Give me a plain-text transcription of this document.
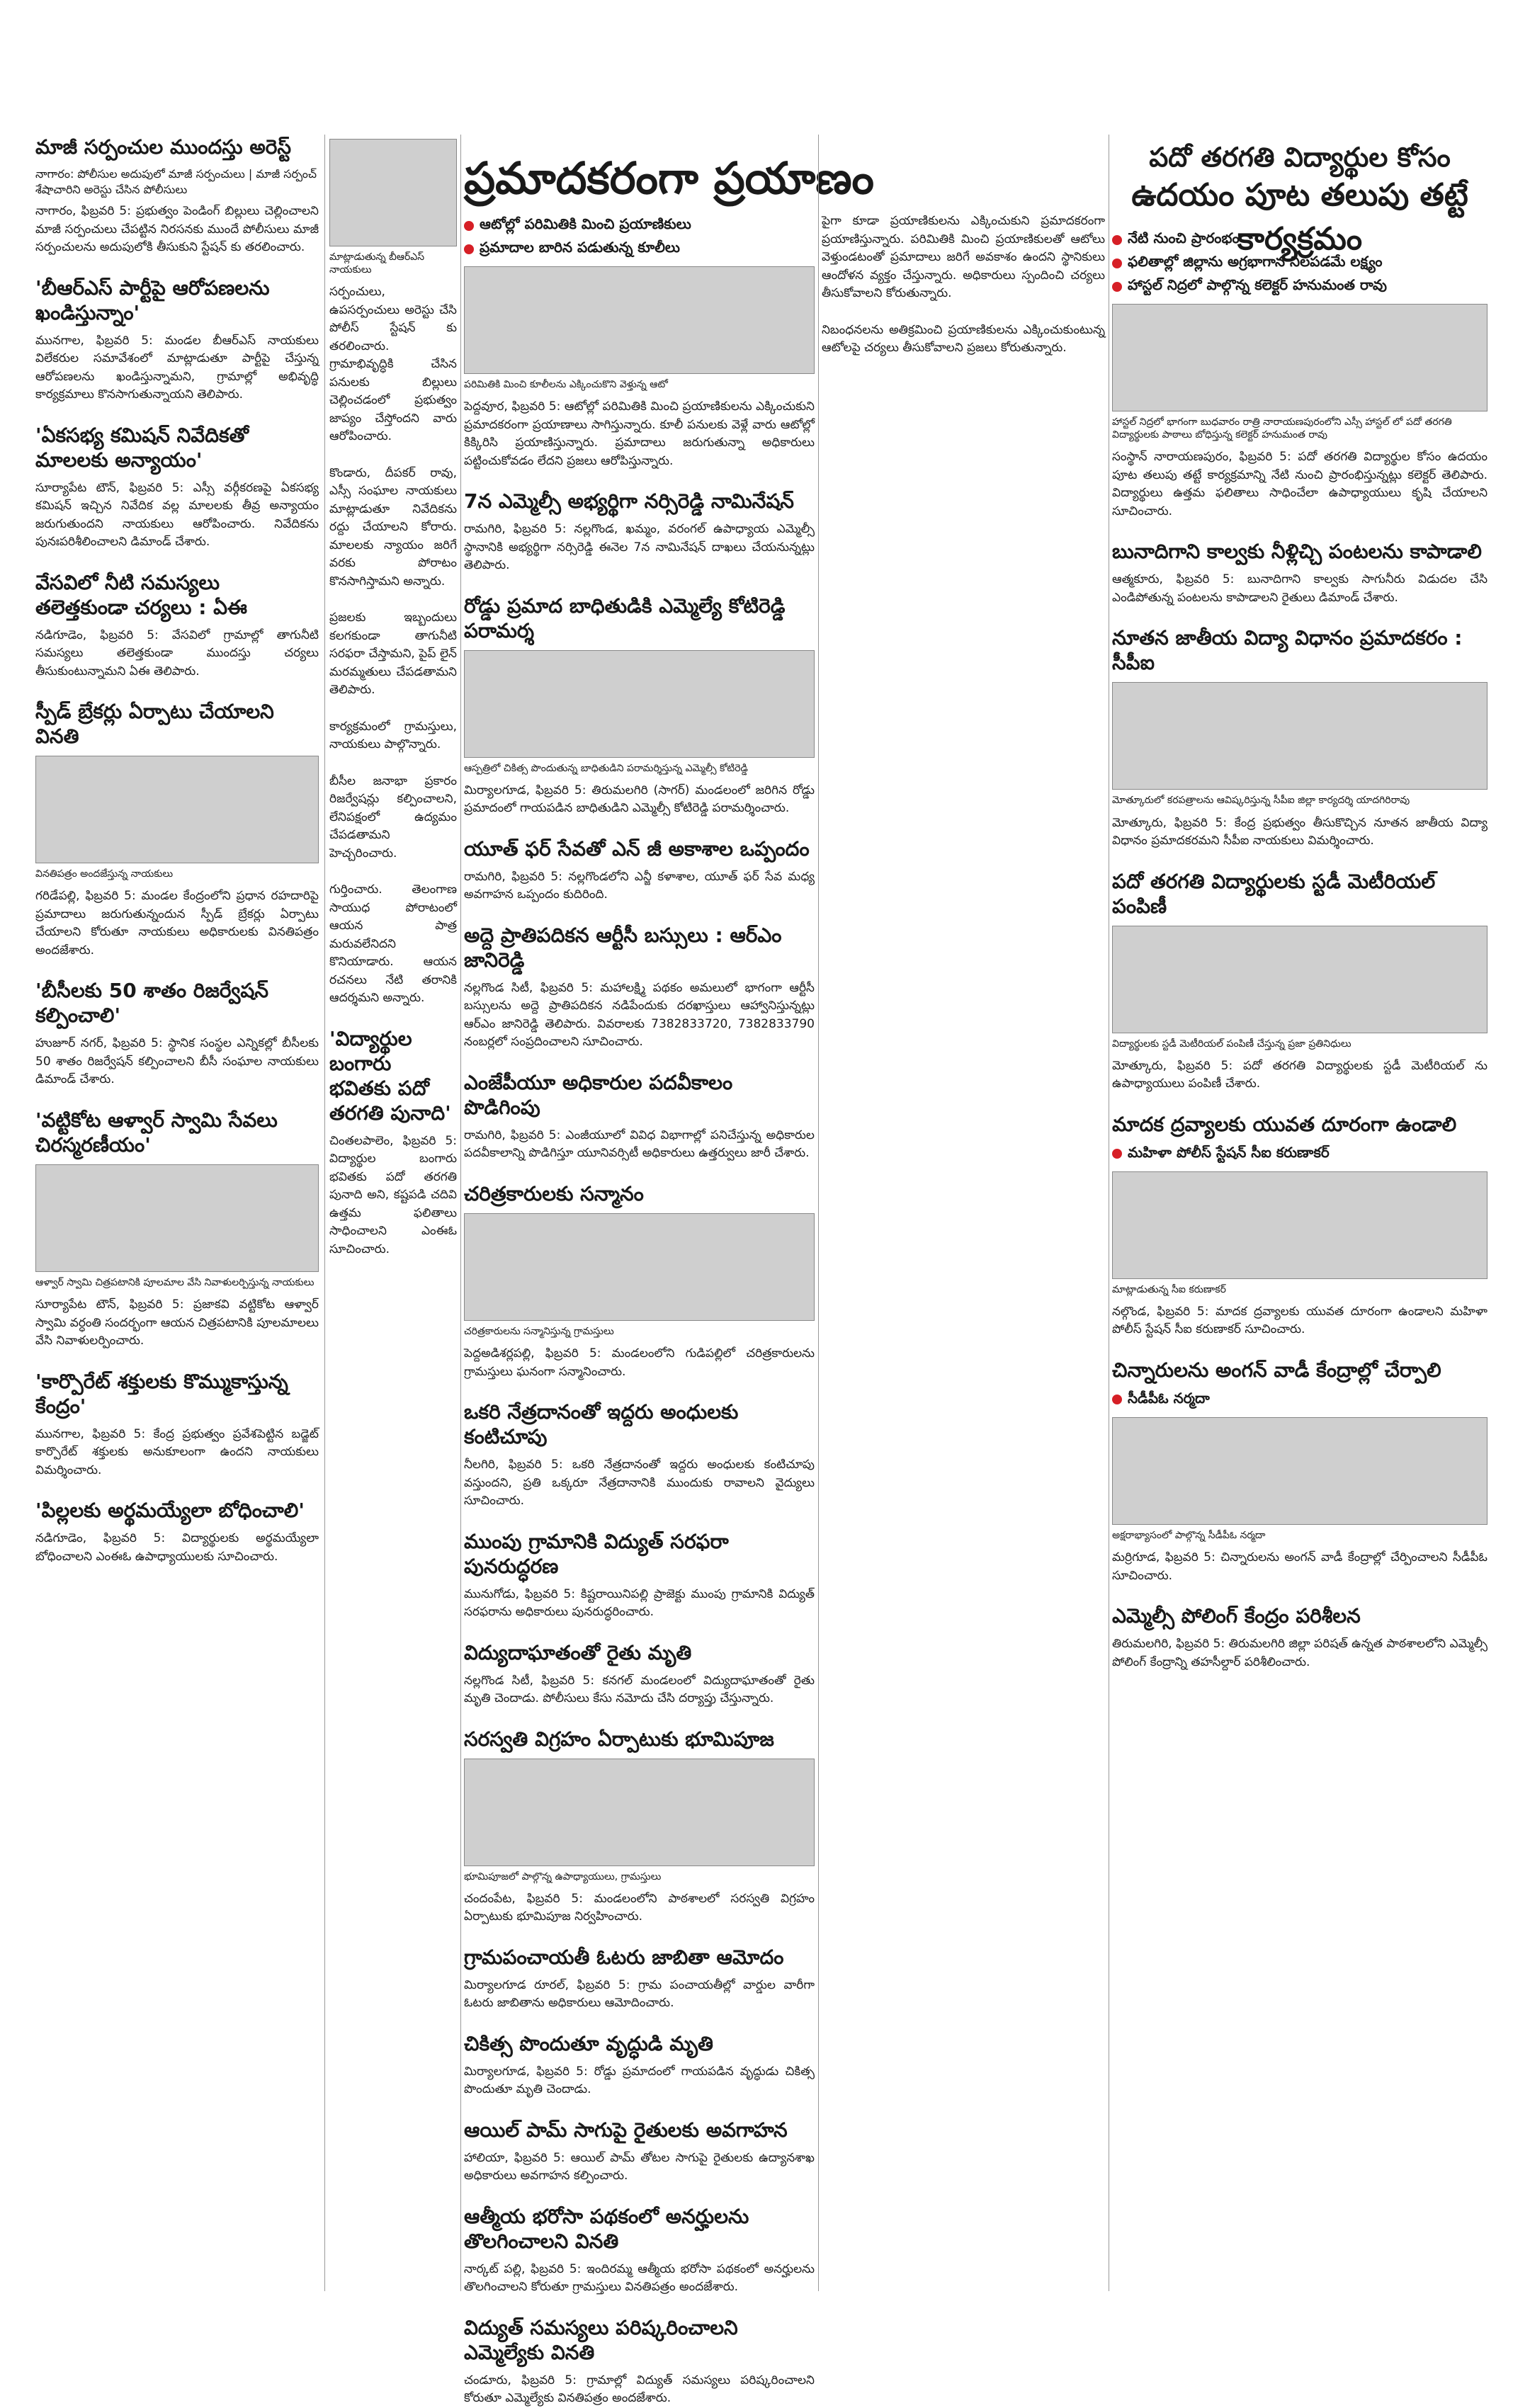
ప్రమాదకరంగా ప్రయాణం	పదో తరగతి విద్యార్థుల కోసం
ఉదయం పూట తలుపు తట్టే కార్యక్రమం
మాజీ సర్పంచుల ముందస్తు అరెస్ట్
నాగారం: పోలీసుల అదుపులో మాజీ సర్పంచులు | మాజీ సర్పంచ్ శేషాచారిని అరెస్టు చేసిన పోలీసులు

నాగారం, ఫిబ్రవరి 5: ప్రభుత్వం పెండింగ్ బిల్లులు చెల్లించాలని మాజీ సర్పంచులు చేపట్టిన నిరసనకు ముందే పోలీసులు మాజీ సర్పంచులను అదుపులోకి తీసుకుని స్టేషన్ కు తరలించారు.

'బీఆర్ఎస్ పార్టీపై ఆరోపణలను ఖండిస్తున్నాం'

మునగాల, ఫిబ్రవరి 5: మండల బీఆర్ఎస్ నాయకులు విలేకరుల సమావేశంలో మాట్లాడుతూ పార్టీపై చేస్తున్న ఆరోపణలను ఖండిస్తున్నామని, గ్రామాల్లో అభివృద్ధి కార్యక్రమాలు కొనసాగుతున్నాయని తెలిపారు.

'ఏకసభ్య కమిషన్ నివేదికతో మాలలకు అన్యాయం'

సూర్యాపేట టౌన్, ఫిబ్రవరి 5: ఎస్సీ వర్గీకరణపై ఏకసభ్య కమిషన్ ఇచ్చిన నివేదిక వల్ల మాలలకు తీవ్ర అన్యాయం జరుగుతుందని నాయకులు ఆరోపించారు. నివేదికను పునఃపరిశీలించాలని డిమాండ్ చేశారు.

వేసవిలో నీటి సమస్యలు తలెత్తకుండా చర్యలు : ఏఈ

నడిగూడెం, ఫిబ్రవరి 5: వేసవిలో గ్రామాల్లో తాగునీటి సమస్యలు తలెత్తకుండా ముందస్తు చర్యలు తీసుకుంటున్నామని ఏఈ తెలిపారు.

స్పీడ్ బ్రేకర్లు ఏర్పాటు చేయాలని వినతి
వినతిపత్రం అందజేస్తున్న నాయకులు

గరిడేపల్లి, ఫిబ్రవరి 5: మండల కేంద్రంలోని ప్రధాన రహదారిపై ప్రమాదాలు జరుగుతున్నందున స్పీడ్ బ్రేకర్లు ఏర్పాటు చేయాలని కోరుతూ నాయకులు అధికారులకు వినతిపత్రం అందజేశారు.

'బీసీలకు 50 శాతం రిజర్వేషన్ కల్పించాలి'

హుజూర్ నగర్, ఫిబ్రవరి 5: స్థానిక సంస్థల ఎన్నికల్లో బీసీలకు 50 శాతం రిజర్వేషన్ కల్పించాలని బీసీ సంఘాల నాయకులు డిమాండ్ చేశారు.

'వట్టికోట ఆళ్వార్ స్వామి సేవలు చిరస్మరణీయం'
ఆళ్వార్ స్వామి చిత్రపటానికి పూలమాల వేసి నివాళులర్పిస్తున్న నాయకులు

సూర్యాపేట టౌన్, ఫిబ్రవరి 5: ప్రజాకవి వట్టికోట ఆళ్వార్ స్వామి వర్ధంతి సందర్భంగా ఆయన చిత్రపటానికి పూలమాలలు వేసి నివాళులర్పించారు.

'కార్పొరేట్ శక్తులకు కొమ్ముకాస్తున్న కేంద్రం'

మునగాల, ఫిబ్రవరి 5: కేంద్ర ప్రభుత్వం ప్రవేశపెట్టిన బడ్జెట్ కార్పొరేట్ శక్తులకు అనుకూలంగా ఉందని నాయకులు విమర్శించారు.

'పిల్లలకు అర్థమయ్యేలా బోధించాలి'

నడిగూడెం, ఫిబ్రవరి 5: విద్యార్థులకు అర్థమయ్యేలా బోధించాలని ఎంఈఓ ఉపాధ్యాయులకు సూచించారు.

మాట్లాడుతున్న బీఆర్ఎస్ నాయకులు

సర్పంచులు, ఉపసర్పంచులు అరెస్టు చేసి పోలీస్ స్టేషన్ కు తరలించారు. గ్రామాభివృద్ధికి చేసిన పనులకు బిల్లులు చెల్లించడంలో ప్రభుత్వం జాప్యం చేస్తోందని వారు ఆరోపించారు.

కొండారు, దీపకర్ రావు, ఎస్సీ సంఘాల నాయకులు మాట్లాడుతూ నివేదికను రద్దు చేయాలని కోరారు. మాలలకు న్యాయం జరిగే వరకు పోరాటం కొనసాగిస్తామని అన్నారు.

ప్రజలకు ఇబ్బందులు కలగకుండా తాగునీటి సరఫరా చేస్తామని, పైప్ లైన్ మరమ్మతులు చేపడతామని తెలిపారు.

కార్యక్రమంలో గ్రామస్తులు, నాయకులు పాల్గొన్నారు.

బీసీల జనాభా ప్రకారం రిజర్వేషన్లు కల్పించాలని, లేనిపక్షంలో ఉద్యమం చేపడతామని హెచ్చరించారు.

గుర్తించారు. తెలంగాణ సాయుధ పోరాటంలో ఆయన పాత్ర మరువలేనిదని కొనియాడారు. ఆయన రచనలు నేటి తరానికి ఆదర్శమని అన్నారు.

'విద్యార్థుల బంగారు భవితకు పదో తరగతి పునాది'

చింతలపాలెం, ఫిబ్రవరి 5: విద్యార్థుల బంగారు భవితకు పదో తరగతి పునాది అని, కష్టపడి చదివి ఉత్తమ ఫలితాలు సాధించాలని ఎంఈఓ సూచించారు.

ఆటోల్లో పరిమితికి మించి ప్రయాణికులు
ప్రమాదాల బారిన పడుతున్న కూలీలు
పరిమితికి మించి కూలీలను ఎక్కించుకొని వెళ్తున్న ఆటో

పెద్దవూర, ఫిబ్రవరి 5: ఆటోల్లో పరిమితికి మించి ప్రయాణికులను ఎక్కించుకుని ప్రమాదకరంగా ప్రయాణాలు సాగిస్తున్నారు. కూలీ పనులకు వెళ్లే వారు ఆటోల్లో కిక్కిరిసి ప్రయాణిస్తున్నారు. ప్రమాదాలు జరుగుతున్నా అధికారులు పట్టించుకోవడం లేదని ప్రజలు ఆరోపిస్తున్నారు.

7న ఎమ్మెల్సీ అభ్యర్థిగా నర్సిరెడ్డి నామినేషన్

రామగిరి, ఫిబ్రవరి 5: నల్లగొండ, ఖమ్మం, వరంగల్ ఉపాధ్యాయ ఎమ్మెల్సీ స్థానానికి అభ్యర్థిగా నర్సిరెడ్డి ఈనెల 7న నామినేషన్ దాఖలు చేయనున్నట్లు తెలిపారు.

రోడ్డు ప్రమాద బాధితుడికి ఎమ్మెల్యే కోటిరెడ్డి పరామర్శ
ఆస్పత్రిలో చికిత్స పొందుతున్న బాధితుడిని పరామర్శిస్తున్న ఎమ్మెల్సీ కోటిరెడ్డి

మిర్యాలగూడ, ఫిబ్రవరి 5: తిరుమలగిరి (సాగర్) మండలంలో జరిగిన రోడ్డు ప్రమాదంలో గాయపడిన బాధితుడిని ఎమ్మెల్సీ కోటిరెడ్డి పరామర్శించారు.

యూత్ ఫర్ సేవతో ఎన్ జీ అకాశాల ఒప్పందం

రామగిరి, ఫిబ్రవరి 5: నల్లగొండలోని ఎన్జీ కళాశాల, యూత్ ఫర్ సేవ మధ్య అవగాహన ఒప్పందం కుదిరింది.

అద్దె ప్రాతిపదికన ఆర్టీసీ బస్సులు : ఆర్ఎం జానిరెడ్డి

నల్లగొండ సిటీ, ఫిబ్రవరి 5: మహాలక్ష్మి పథకం అమలులో భాగంగా ఆర్టీసీ బస్సులను అద్దె ప్రాతిపదికన నడిపేందుకు దరఖాస్తులు ఆహ్వానిస్తున్నట్లు ఆర్ఎం జానిరెడ్డి తెలిపారు. వివరాలకు 7382833720, 7382833790 నంబర్లలో సంప్రదించాలని సూచించారు.

ఎంజేపీయూ అధికారుల పదవీకాలం పొడిగింపు

రామగిరి, ఫిబ్రవరి 5: ఎంజీయూలో వివిధ విభాగాల్లో పనిచేస్తున్న అధికారుల పదవీకాలాన్ని పొడిగిస్తూ యూనివర్సిటీ అధికారులు ఉత్తర్వులు జారీ చేశారు.

చరిత్రకారులకు సన్మానం
చరిత్రకారులను సన్మానిస్తున్న గ్రామస్తులు

పెద్దఅడిశర్లపల్లి, ఫిబ్రవరి 5: మండలంలోని గుడిపల్లిలో చరిత్రకారులను గ్రామస్తులు ఘనంగా సన్మానించారు.

ఒకరి నేత్రదానంతో ఇద్దరు అంధులకు కంటిచూపు

నీలగిరి, ఫిబ్రవరి 5: ఒకరి నేత్రదానంతో ఇద్దరు అంధులకు కంటిచూపు వస్తుందని, ప్రతి ఒక్కరూ నేత్రదానానికి ముందుకు రావాలని వైద్యులు సూచించారు.

ముంపు గ్రామానికి విద్యుత్ సరఫరా పునరుద్ధరణ

మునుగోడు, ఫిబ్రవరి 5: కిష్టరాయినిపల్లి ప్రాజెక్టు ముంపు గ్రామానికి విద్యుత్ సరఫరాను అధికారులు పునరుద్ధరించారు.

విద్యుదాఘాతంతో రైతు మృతి

నల్లగొండ సిటీ, ఫిబ్రవరి 5: కనగల్ మండలంలో విద్యుదాఘాతంతో రైతు మృతి చెందాడు. పోలీసులు కేసు నమోదు చేసి దర్యాప్తు చేస్తున్నారు.

సరస్వతి విగ్రహం ఏర్పాటుకు భూమిపూజ
భూమిపూజలో పాల్గొన్న ఉపాధ్యాయులు, గ్రామస్తులు

చందంపేట, ఫిబ్రవరి 5: మండలంలోని పాఠశాలలో సరస్వతి విగ్రహం ఏర్పాటుకు భూమిపూజ నిర్వహించారు.

గ్రామపంచాయతీ ఓటరు జాబితా ఆమోదం

మిర్యాలగూడ రూరల్, ఫిబ్రవరి 5: గ్రామ పంచాయతీల్లో వార్డుల వారీగా ఓటరు జాబితాను అధికారులు ఆమోదించారు.

చికిత్స పొందుతూ వృద్ధుడి మృతి

మిర్యాలగూడ, ఫిబ్రవరి 5: రోడ్డు ప్రమాదంలో గాయపడిన వృద్ధుడు చికిత్స పొందుతూ మృతి చెందాడు.

ఆయిల్ పామ్ సాగుపై రైతులకు అవగాహన

హాలియా, ఫిబ్రవరి 5: ఆయిల్ పామ్ తోటల సాగుపై రైతులకు ఉద్యానశాఖ అధికారులు అవగాహన కల్పించారు.

ఆత్మీయ భరోసా పథకంలో అనర్హులను తొలగించాలని వినతి

నార్కట్ పల్లి, ఫిబ్రవరి 5: ఇందిరమ్మ ఆత్మీయ భరోసా పథకంలో అనర్హులను తొలగించాలని కోరుతూ గ్రామస్తులు వినతిపత్రం అందజేశారు.

విద్యుత్ సమస్యలు పరిష్కరించాలని ఎమ్మెల్యేకు వినతి

చండూరు, ఫిబ్రవరి 5: గ్రామాల్లో విద్యుత్ సమస్యలు పరిష్కరించాలని కోరుతూ ఎమ్మెల్యేకు వినతిపత్రం అందజేశారు.

పైగా కూడా ప్రయాణికులను ఎక్కించుకుని ప్రమాదకరంగా ప్రయాణిస్తున్నారు. పరిమితికి మించి ప్రయాణికులతో ఆటోలు వెళ్తుండటంతో ప్రమాదాలు జరిగే అవకాశం ఉందని స్థానికులు ఆందోళన వ్యక్తం చేస్తున్నారు. అధికారులు స్పందించి చర్యలు తీసుకోవాలని కోరుతున్నారు.

నిబంధనలను అతిక్రమించి ప్రయాణికులను ఎక్కించుకుంటున్న ఆటోలపై చర్యలు తీసుకోవాలని ప్రజలు కోరుతున్నారు.

నేటి నుంచి ప్రారంభం
ఫలితాల్లో జిల్లాను అగ్రభాగాన నిలపడమే లక్ష్యం
హాస్టల్ నిద్రలో పాల్గొన్న కలెక్టర్ హనుమంత రావు
హాస్టల్ నిద్రలో భాగంగా బుధవారం రాత్రి నారాయణపురంలోని ఎస్సీ హాస్టల్ లో పదో తరగతి విద్యార్థులకు పాఠాలు బోధిస్తున్న కలెక్టర్ హనుమంత రావు

సంస్థాన్ నారాయణపురం, ఫిబ్రవరి 5: పదో తరగతి విద్యార్థుల కోసం ఉదయం పూట తలుపు తట్టే కార్యక్రమాన్ని నేటి నుంచి ప్రారంభిస్తున్నట్లు కలెక్టర్ తెలిపారు. విద్యార్థులు ఉత్తమ ఫలితాలు సాధించేలా ఉపాధ్యాయులు కృషి చేయాలని సూచించారు.

బునాదిగాని కాల్వకు నీళ్లిచ్చి పంటలను కాపాడాలి

ఆత్మకూరు, ఫిబ్రవరి 5: బునాదిగాని కాల్వకు సాగునీరు విడుదల చేసి ఎండిపోతున్న పంటలను కాపాడాలని రైతులు డిమాండ్ చేశారు.

నూతన జాతీయ విద్యా విధానం ప్రమాదకరం : సీపీఐ
మోత్కూరులో కరపత్రాలను ఆవిష్కరిస్తున్న సీపీఐ జిల్లా కార్యదర్శి యాదగిరిరావు

మోత్కూరు, ఫిబ్రవరి 5: కేంద్ర ప్రభుత్వం తీసుకొచ్చిన నూతన జాతీయ విద్యా విధానం ప్రమాదకరమని సీపీఐ నాయకులు విమర్శించారు.

పదో తరగతి విద్యార్థులకు స్టడీ మెటీరియల్ పంపిణీ
విద్యార్థులకు స్టడీ మెటీరియల్ పంపిణీ చేస్తున్న ప్రజా ప్రతినిధులు

మోత్కూరు, ఫిబ్రవరి 5: పదో తరగతి విద్యార్థులకు స్టడీ మెటీరియల్ ను ఉపాధ్యాయులు పంపిణీ చేశారు.

మాదక ద్రవ్యాలకు యువత దూరంగా ఉండాలి
మహిళా పోలీస్ స్టేషన్ సీఐ కరుణాకర్
మాట్లాడుతున్న సీఐ కరుణాకర్

నల్గొండ, ఫిబ్రవరి 5: మాదక ద్రవ్యాలకు యువత దూరంగా ఉండాలని మహిళా పోలీస్ స్టేషన్ సీఐ కరుణాకర్ సూచించారు.

చిన్నారులను అంగన్ వాడీ కేంద్రాల్లో చేర్పాలి
సీడీపీఓ నర్మదా
అక్షరాభ్యాసంలో పాల్గొన్న సీడీపీఓ నర్మదా

మర్రిగూడ, ఫిబ్రవరి 5: చిన్నారులను అంగన్ వాడీ కేంద్రాల్లో చేర్పించాలని సీడీపీఓ సూచించారు.

ఎమ్మెల్సీ పోలింగ్ కేంద్రం పరిశీలన

తిరుమలగిరి, ఫిబ్రవరి 5: తిరుమలగిరి జిల్లా పరిషత్ ఉన్నత పాఠశాలలోని ఎమ్మెల్సీ పోలింగ్ కేంద్రాన్ని తహసీల్దార్ పరిశీలించారు.
